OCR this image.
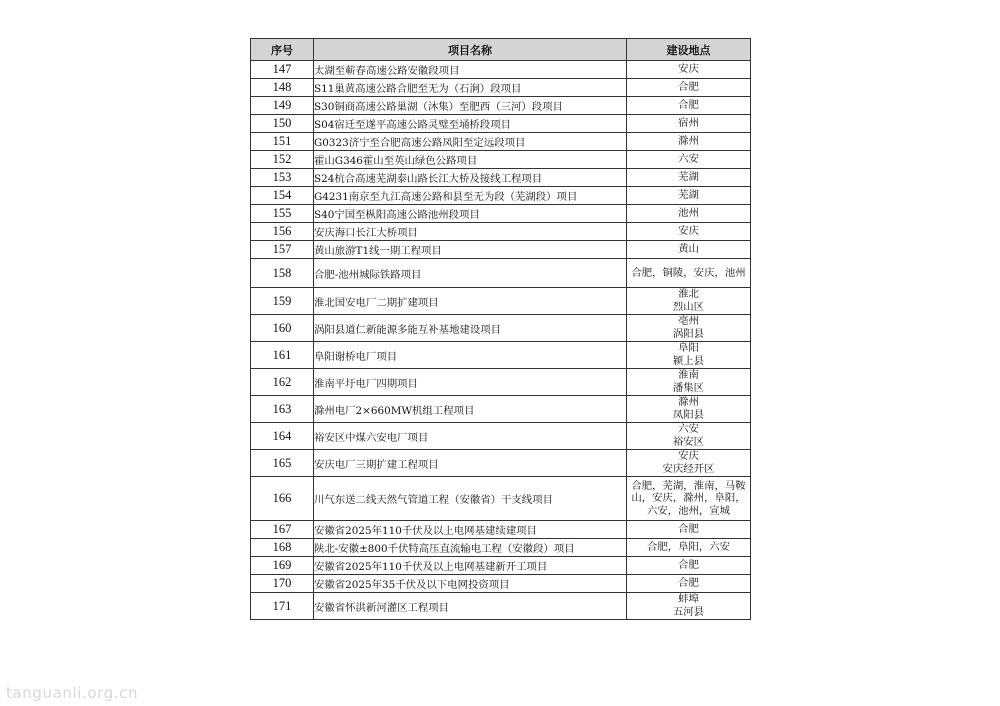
序号	项目名称	建设地点
147	太湖至蕲春高速公路安徽段项目	安庆
148	S11巢黄高速公路合肥至无为（石涧）段项目	合肥
149	S30铜商高速公路巢湖（沐集）至肥西（三河）段项目	合肥
150	S04宿迁至遂平高速公路灵璧至埇桥段项目	宿州
151	G0323济宁至合肥高速公路凤阳至定远段项目	滁州
152	霍山G346霍山至英山绿色公路项目	六安
153	S24杭合高速芜湖泰山路长江大桥及接线工程项目	芜湖
154	G4231南京至九江高速公路和县至无为段（芜湖段）项目	芜湖
155	S40宁国至枞阳高速公路池州段项目	池州
156	安庆海口长江大桥项目	安庆
157	黄山旅游T1线一期工程项目	黄山
158	合肥-池州城际铁路项目	合肥，铜陵，安庆，池州
159	淮北国安电厂二期扩建项目	淮北
烈山区
160	涡阳县道仁新能源多能互补基地建设项目	亳州
涡阳县
161	阜阳谢桥电厂项目	阜阳
颍上县
162	淮南平圩电厂四期项目	淮南
潘集区
163	滁州电厂2×660MW机组工程项目	滁州
凤阳县
164	裕安区中煤六安电厂项目	六安
裕安区
165	安庆电厂三期扩建工程项目	安庆
安庆经开区
166	川气东送二线天然气管道工程（安徽省）干支线项目	合肥，芜湖，淮南，马鞍
山，安庆，滁州，阜阳，
六安，池州，宣城
167	安徽省2025年110千伏及以上电网基建续建项目	合肥
168	陕北-安徽±800千伏特高压直流输电工程（安徽段）项目	合肥，阜阳，六安
169	安徽省2025年110千伏及以上电网基建新开工项目	合肥
170	安徽省2025年35千伏及以下电网投资项目	合肥
171	安徽省怀洪新河灌区工程项目	蚌埠
五河县
tanguanli.org.cn
